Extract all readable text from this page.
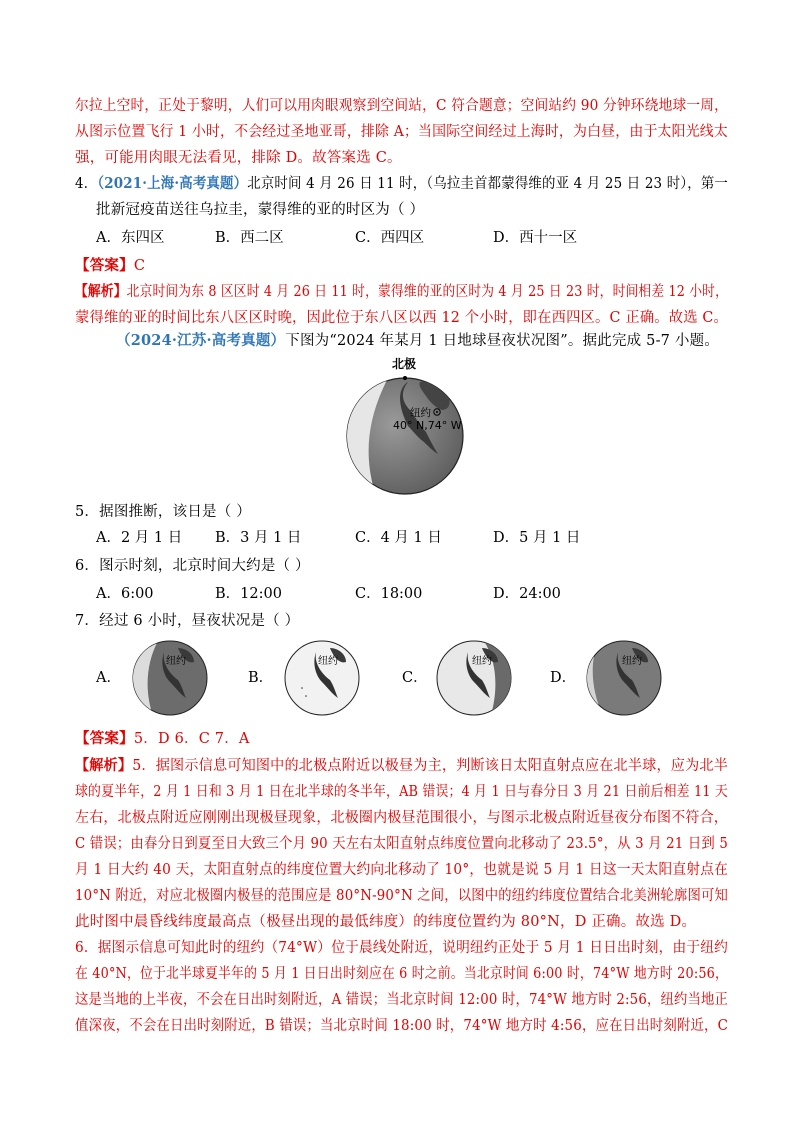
尔拉上空时，正处于黎明，人们可以用肉眼观察到空间站，C 符合题意；空间站约 90 分钟环绕地球一周，
从图示位置飞行 1 小时，不会经过圣地亚哥，排除 A；当国际空间经过上海时，为白昼，由于太阳光线太
强，可能用肉眼无法看见，排除 D。故答案选 C。
4．（2021·上海·高考真题）北京时间 4 月 26 日 11 时，（乌拉圭首都蒙得维的亚 4 月 25 日 23 时），第一
批新冠疫苗送往乌拉圭，蒙得维的亚的时区为（ ）
A．东四区	B．西二区	C．西四区	D．西十一区
【答案】C
【解析】北京时间为东 8 区区时 4 月 26 日 11 时，蒙得维的亚的区时为 4 月 25 日 23 时，时间相差 12 小时，
蒙得维的亚的时间比东八区区时晚，因此位于东八区以西 12 个小时，即在西四区。C 正确。故选 C。
（2024·江苏·高考真题）下图为“2024 年某月 1 日地球昼夜状况图”。据此完成 5-7 小题。
北极
纽约
40° N,74° W
5．据图推断，该日是（ ）
A．2 月 1 日 B．3 月 1 日	C．4 月 1 日	D．5 月 1 日
6．图示时刻，北京时间大约是（ ）
A．6:00	B．12:00	C．18:00	D．24:00
7．经过 6 小时，昼夜状况是（ ）
A．
纽约
B．
纽约
C．
纽约
D．
纽约
【答案】5．D 6．C 7．A
【解析】5．据图示信息可知图中的北极点附近以极昼为主，判断该日太阳直射点应在北半球，应为北半
球的夏半年，2 月 1 日和 3 月 1 日在北半球的冬半年，AB 错误；4 月 1 日与春分日 3 月 21 日前后相差 11 天
左右，北极点附近应刚刚出现极昼现象，北极圈内极昼范围很小，与图示北极点附近昼夜分布图不符合，
C 错误；由春分日到夏至日大致三个月 90 天左右太阳直射点纬度位置向北移动了 23.5°，从 3 月 21 日到 5
月 1 日大约 40 天，太阳直射点的纬度位置大约向北移动了 10°，也就是说 5 月 1 日这一天太阳直射点在
10°N 附近，对应北极圈内极昼的范围应是 80°N-90°N 之间，以图中的纽约纬度位置结合北美洲轮廓图可知
此时图中晨昏线纬度最高点（极昼出现的最低纬度）的纬度位置约为 80°N，D 正确。故选 D。
6．据图示信息可知此时的纽约（74°W）位于晨线处附近，说明纽约正处于 5 月 1 日日出时刻，由于纽约
在 40°N，位于北半球夏半年的 5 月 1 日日出时刻应在 6 时之前。当北京时间 6:00 时，74°W 地方时 20:56，
这是当地的上半夜，不会在日出时刻附近，A 错误；当北京时间 12:00 时，74°W 地方时 2:56，纽约当地正
值深夜，不会在日出时刻附近，B 错误；当北京时间 18:00 时，74°W 地方时 4:56，应在日出时刻附近，C
